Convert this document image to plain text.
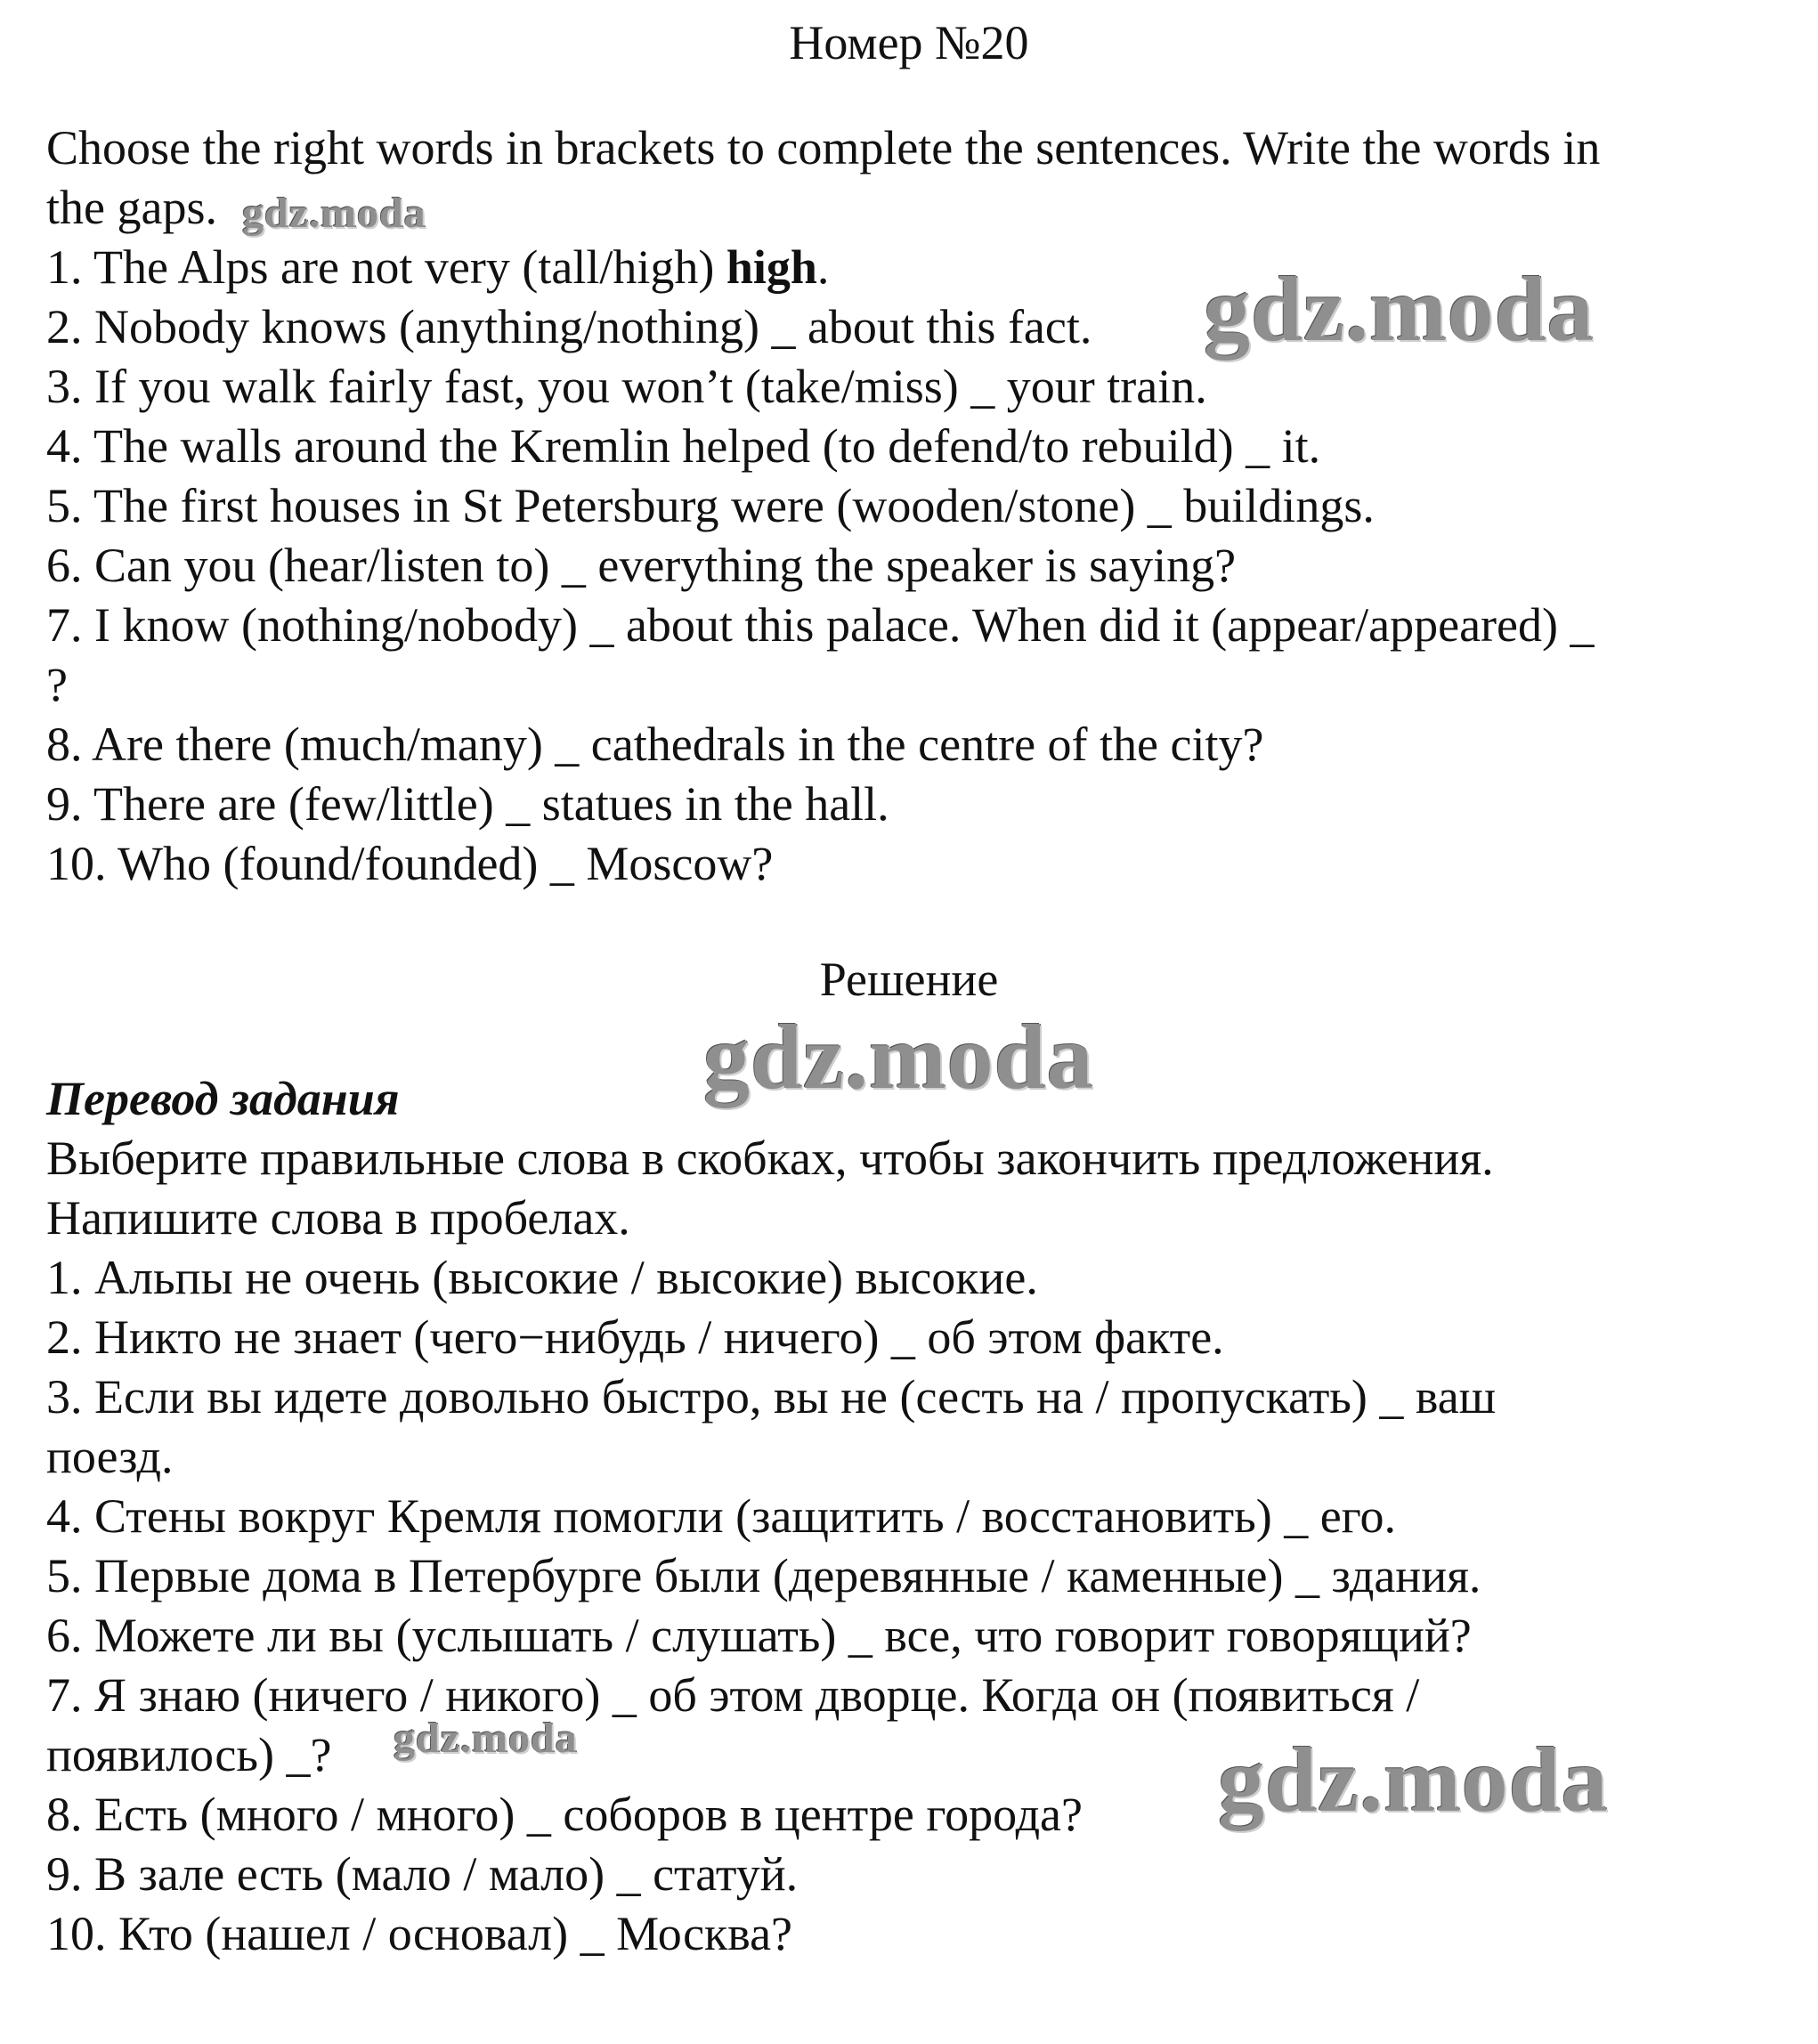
Номер №20
Choose the right words in brackets to complete the sentences. Write the words in
the gaps.
1. The Alps are not very (tall/high) high.
2. Nobody knows (anything/nothing) _ about this fact.
3. If you walk fairly fast, you won’t (take/miss) _ your train.
4. The walls around the Kremlin helped (to defend/to rebuild) _ it.
5. The first houses in St Petersburg were (wooden/stone) _ buildings.
6. Can you (hear/listen to) _ everything the speaker is saying?
7. I know (nothing/nobody) _ about this palace. When did it (appear/appeared) _
?
8. Are there (much/many) _ cathedrals in the centre of the city?
9. There are (few/little) _ statues in the hall.
10. Who (found/founded) _ Moscow?
Решение
Перевод задания
Выберите правильные слова в скобках, чтобы закончить предложения.
Напишите слова в пробелах.
1. Альпы не очень (высокие / высокие) высокие.
2. Никто не знает (чего−нибудь / ничего) _ об этом факте.
3. Если вы идете довольно быстро, вы не (сесть на / пропускать) _ ваш
поезд.
4. Стены вокруг Кремля помогли (защитить / восстановить) _ его.
5. Первые дома в Петербурге были (деревянные / каменные) _ здания.
6. Можете ли вы (услышать / слушать) _ все, что говорит говорящий?
7. Я знаю (ничего / никого) _ об этом дворце. Когда он (появиться /
появилось) _?
8. Есть (много / много) _ соборов в центре города?
9. В зале есть (мало / мало) _ статуй.
10. Кто (нашел / основал) _ Москва?
gdz.moda
gdz.moda
gdz.moda
gdz.moda	gdz.moda
